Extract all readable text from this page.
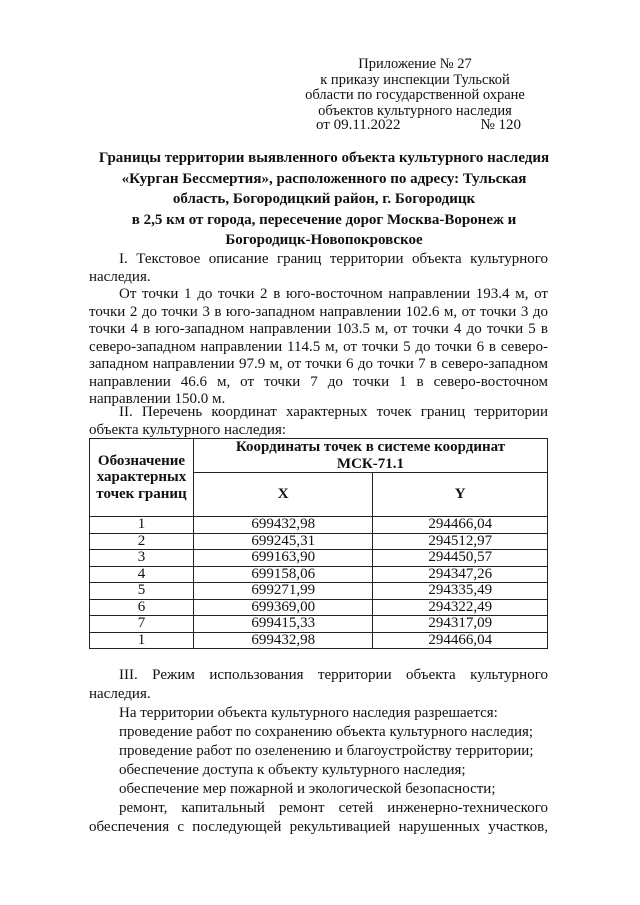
Приложение № 27
к приказу инспекции Тульской
области по государственной охране
объектов культурного наследия
от 09.11.2022	№ 120
Границы территории выявленного объекта культурного наследия
«Курган Бессмертия», расположенного по адресу: Тульская
область, Богородицкий район, г. Богородицк
в 2,5 км от города, пересечение дорог Москва-Воронеж и
Богородицк-Новопокровское
I. Текстовое описание границ территории объекта культурного
наследия.
От точки 1 до точки 2 в юго-восточном направлении 193.4 м, от
точки 2 до точки 3 в юго-западном направлении 102.6 м, от точки 3 до
точки 4 в юго-западном направлении 103.5 м, от точки 4 до точки 5 в
северо-западном направлении 114.5 м, от точки 5 до точки 6 в северо-
западном направлении 97.9 м, от точки 6 до точки 7 в северо-западном
направлении 46.6 м, от точки 7 до точки 1 в северо-восточном
направлении 150.0 м.
II. Перечень координат характерных точек границ территории
объекта культурного наследия:
Обозначение характерных точек границ	Координаты точек в системе координат
МСК-71.1	
	X	Y
1	699432,98	294466,04
2	699245,31	294512,97
3	699163,90	294450,57
4	699158,06	294347,26
5	699271,99	294335,49
6	699369,00	294322,49
7	699415,33	294317,09
1	699432,98	294466,04
III. Режим использования территории объекта культурного
наследия.
На территории объекта культурного наследия разрешается:
проведение работ по сохранению объекта культурного наследия;
проведение работ по озеленению и благоустройству территории;
обеспечение доступа к объекту культурного наследия;
обеспечение мер пожарной и экологической безопасности;
ремонт, капитальный ремонт сетей инженерно-технического
обеспечения с последующей рекультивацией нарушенных участков,
